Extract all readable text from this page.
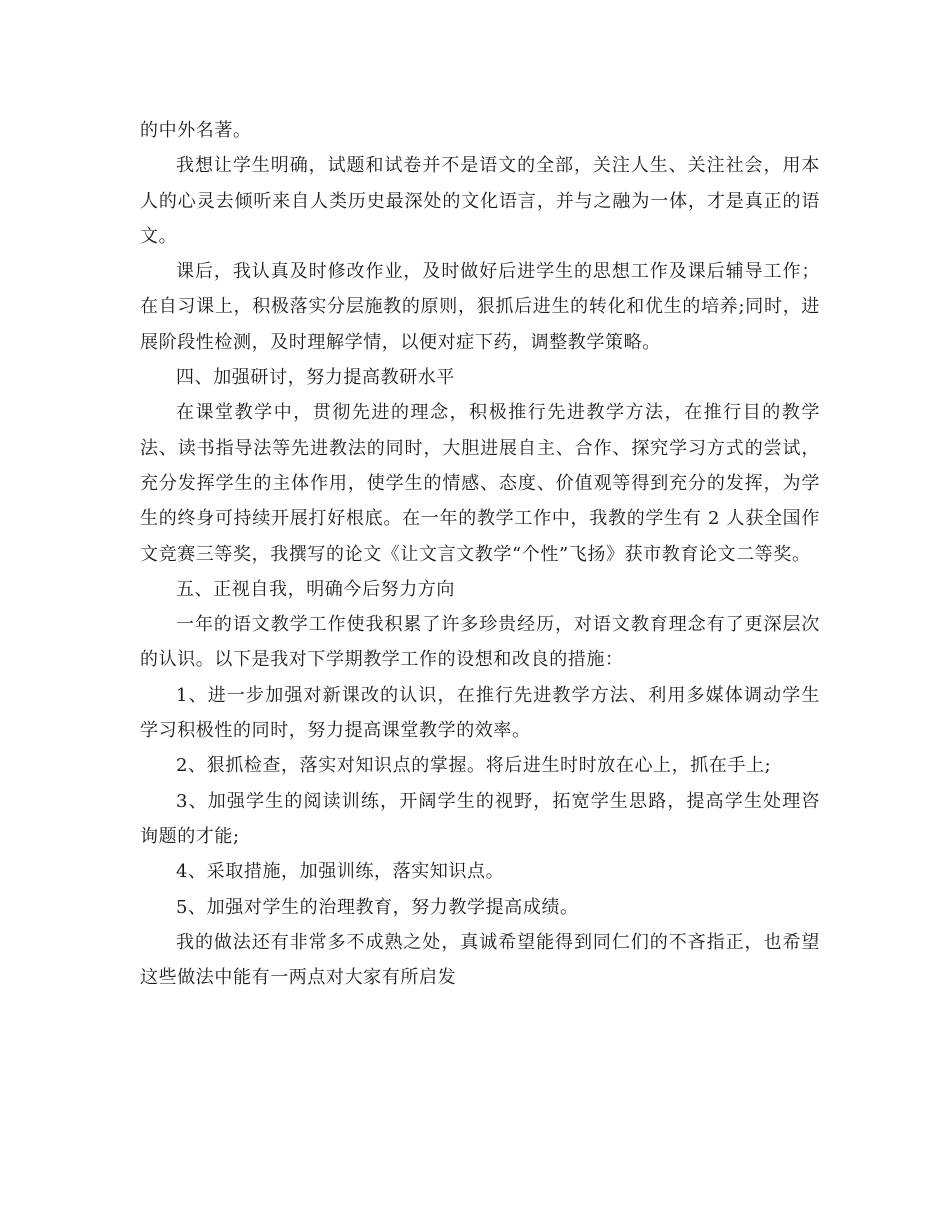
的中外名著。

我想让学生明确，试题和试卷并不是语文的全部，关注人生、关注社会，用本人的心灵去倾听来自人类历史最深处的文化语言，并与之融为一体，才是真正的语文。

课后，我认真及时修改作业，及时做好后进学生的思想工作及课后辅导工作；在自习课上，积极落实分层施教的原则，狠抓后进生的转化和优生的培养;同时，进展阶段性检测，及时理解学情，以便对症下药，调整教学策略。

四、加强研讨，努力提高教研水平

在课堂教学中，贯彻先进的理念，积极推行先进教学方法，在推行目的教学法、读书指导法等先进教法的同时，大胆进展自主、合作、探究学习方式的尝试，充分发挥学生的主体作用，使学生的情感、态度、价值观等得到充分的发挥，为学生的终身可持续开展打好根底。在一年的教学工作中，我教的学生有 2 人获全国作文竞赛三等奖，我撰写的论文《让文言文教学“个性”飞扬》获市教育论文二等奖。

五、正视自我，明确今后努力方向

一年的语文教学工作使我积累了许多珍贵经历，对语文教育理念有了更深层次的认识。以下是我对下学期教学工作的设想和改良的措施：

1、进一步加强对新课改的认识，在推行先进教学方法、利用多媒体调动学生学习积极性的同时，努力提高课堂教学的效率。

2、狠抓检查，落实对知识点的掌握。将后进生时时放在心上，抓在手上;

3、加强学生的阅读训练，开阔学生的视野，拓宽学生思路，提高学生处理咨询题的才能;

4、采取措施，加强训练，落实知识点。

5、加强对学生的治理教育，努力教学提高成绩。

我的做法还有非常多不成熟之处，真诚希望能得到同仁们的不吝指正，也希望这些做法中能有一两点对大家有所启发
